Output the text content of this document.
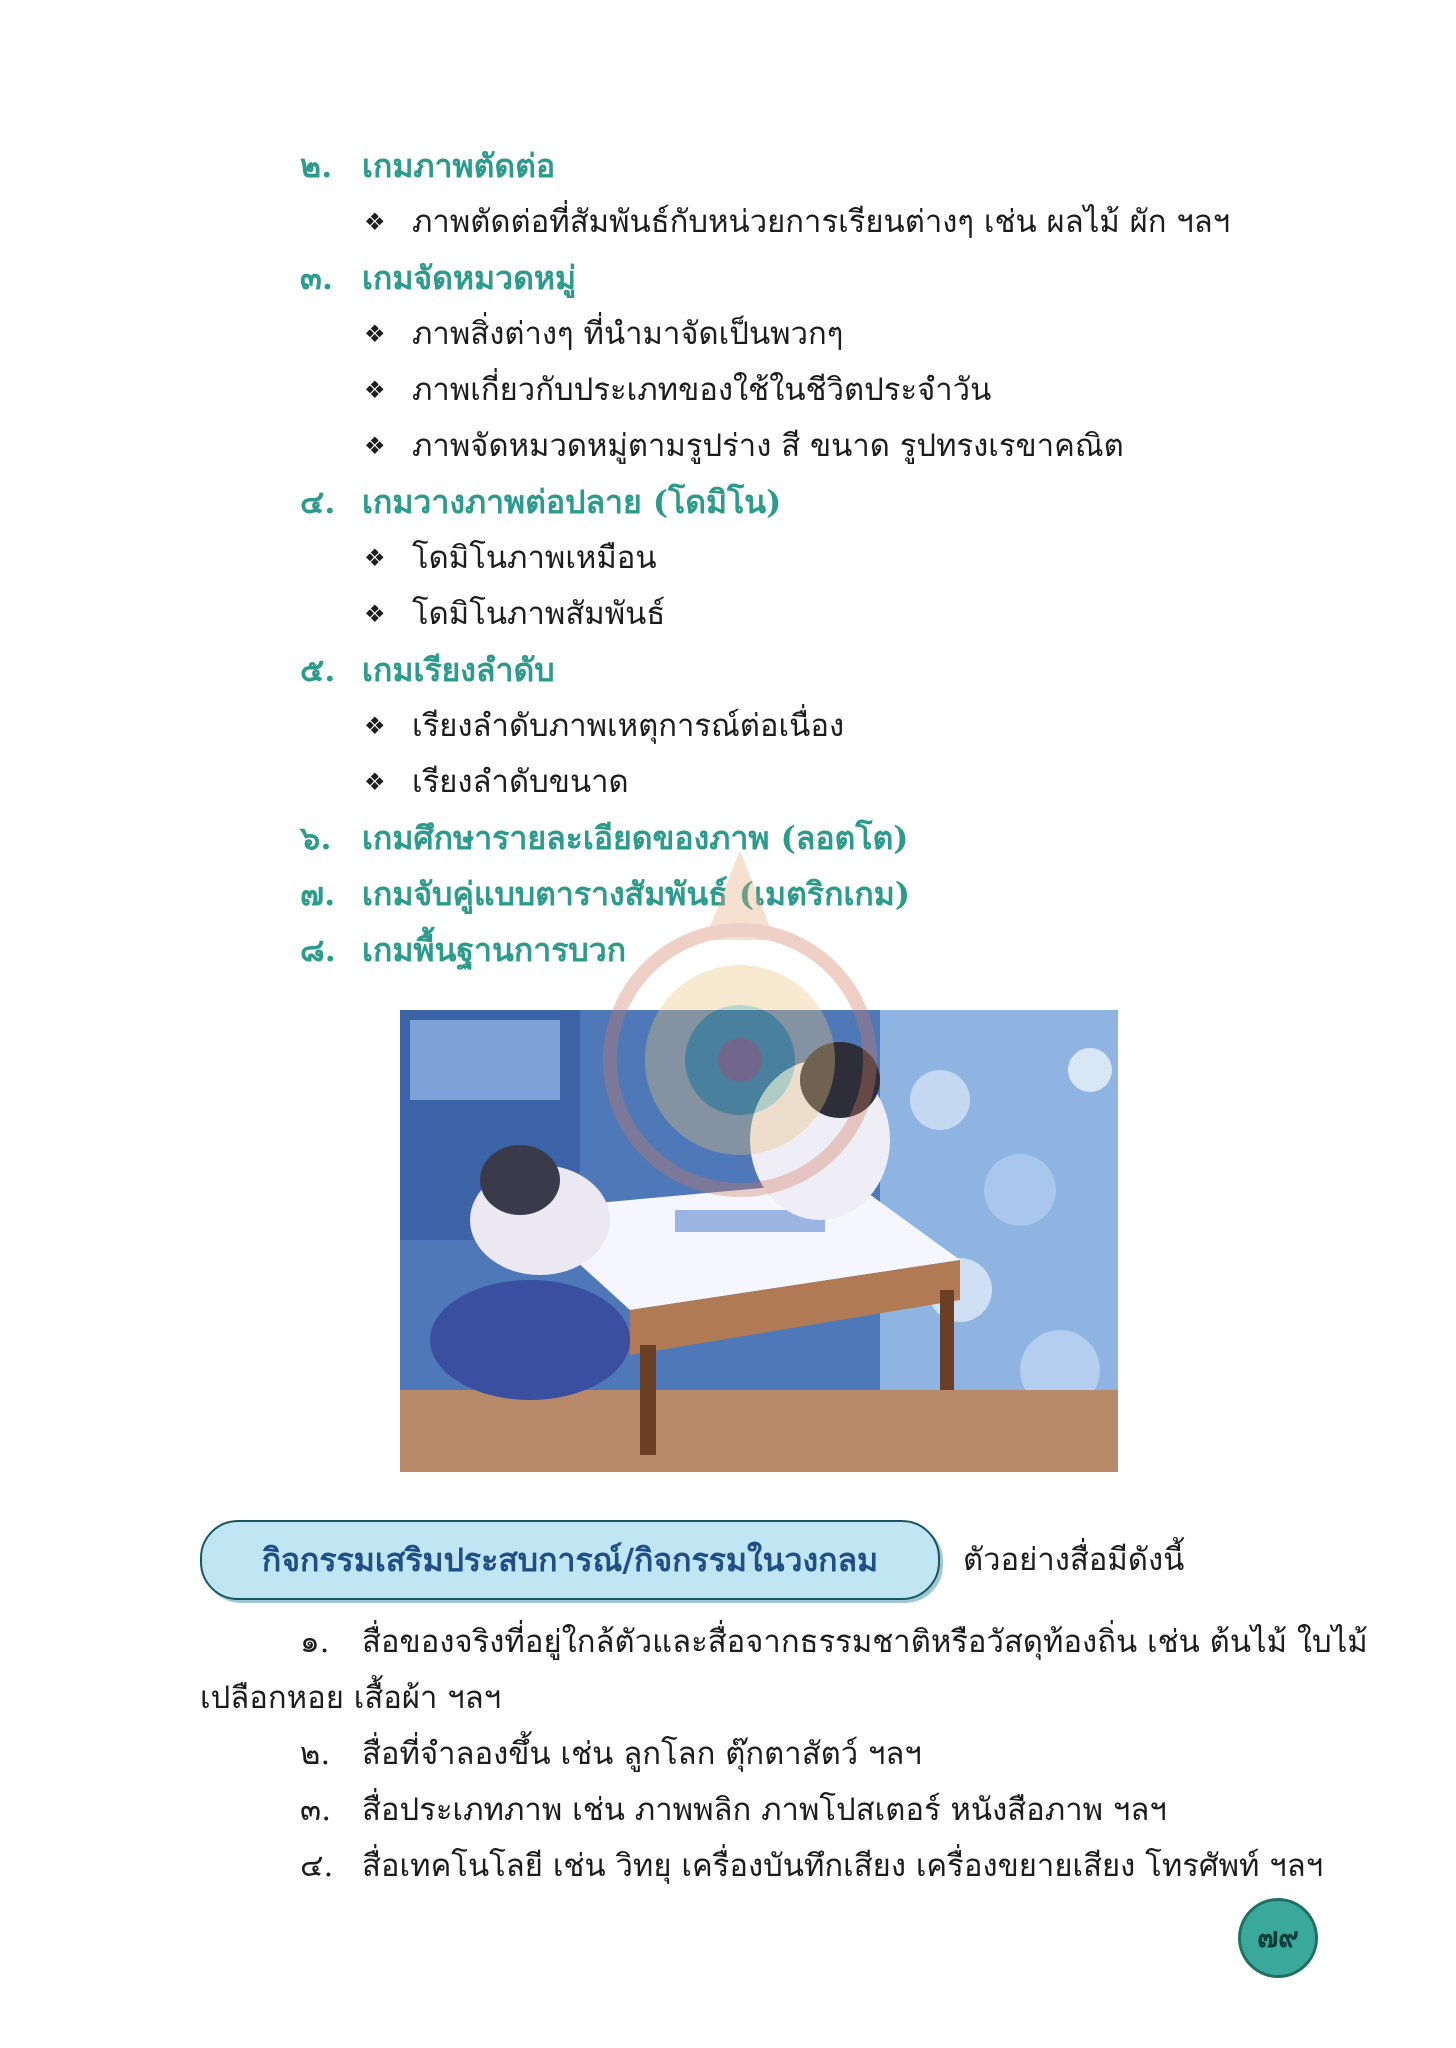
๒. เกมภาพตัดต่อ
❖ ภาพตัดต่อที่สัมพันธ์กับหน่วยการเรียนต่างๆ เช่น ผลไม้ ผัก ฯลฯ
๓. เกมจัดหมวดหมู่
❖ ภาพสิ่งต่างๆ ที่นำมาจัดเป็นพวกๆ
❖ ภาพเกี่ยวกับประเภทของใช้ในชีวิตประจำวัน
❖ ภาพจัดหมวดหมู่ตามรูปร่าง สี ขนาด รูปทรงเรขาคณิต
๔. เกมวางภาพต่อปลาย (โดมิโน)
❖ โดมิโนภาพเหมือน
❖ โดมิโนภาพสัมพันธ์
๕. เกมเรียงลำดับ
❖ เรียงลำดับภาพเหตุการณ์ต่อเนื่อง
❖ เรียงลำดับขนาด
๖. เกมศึกษารายละเอียดของภาพ (ลอตโต)
๗. เกมจับคู่แบบตารางสัมพันธ์ (เมตริกเกม)
๘. เกมพื้นฐานการบวก
กิจกรรมเสริมประสบการณ์/กิจกรรมในวงกลม	ตัวอย่างสื่อมีดังนี้
๑. สื่อของจริงที่อยู่ใกล้ตัวและสื่อจากธรรมชาติหรือวัสดุท้องถิ่น เช่น ต้นไม้ ใบไม้
เปลือกหอย เสื้อผ้า ฯลฯ
๒. สื่อที่จำลองขึ้น เช่น ลูกโลก ตุ๊กตาสัตว์ ฯลฯ
๓. สื่อประเภทภาพ เช่น ภาพพลิก ภาพโปสเตอร์ หนังสือภาพ ฯลฯ
๔. สื่อเทคโนโลยี เช่น วิทยุ เครื่องบันทึกเสียง เครื่องขยายเสียง โทรศัพท์ ฯลฯ
๗๙
